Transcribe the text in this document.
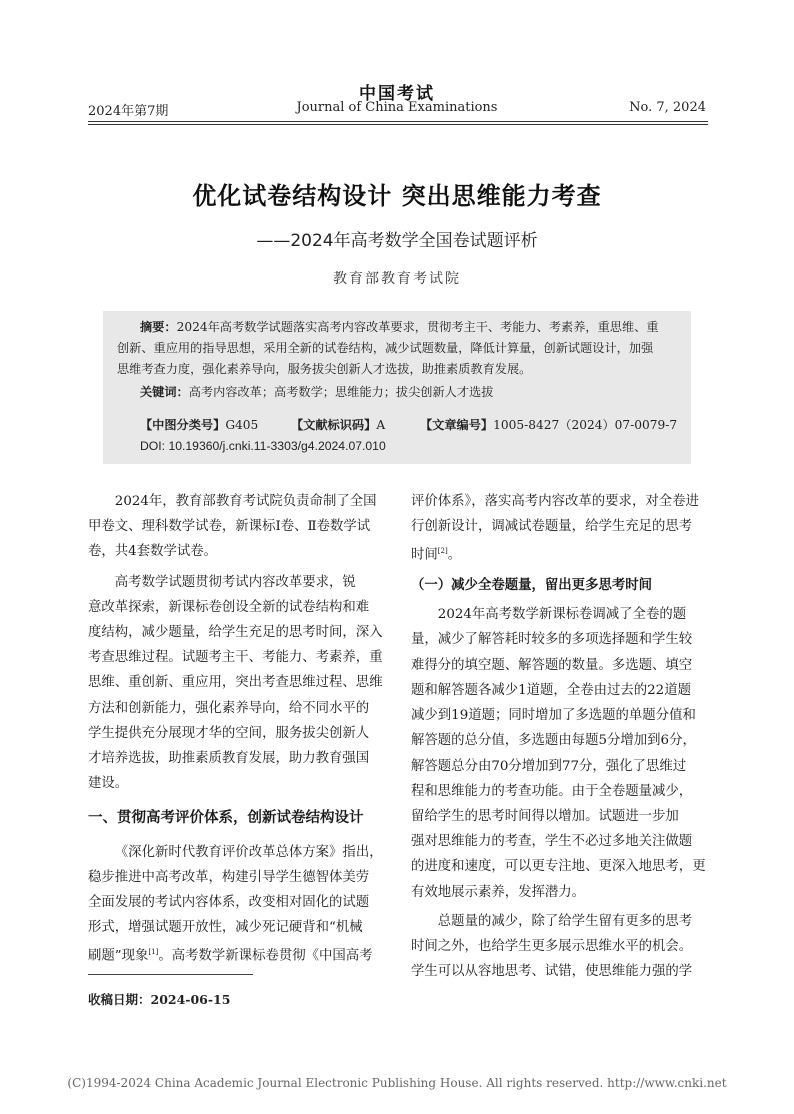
2024年第7期
中国考试
Journal of China Examinations	No. 7, 2024
优化试卷结构设计 突出思维能力考查
——2024年高考数学全国卷试题评析
教育部教育考试院
摘要：2024年高考数学试题落实高考内容改革要求，贯彻考主干、考能力、考素养，重思维、重
创新、重应用的指导思想，采用全新的试卷结构，减少试题数量，降低计算量，创新试题设计，加强
思维考查力度，强化素养导向，服务拔尖创新人才选拔，助推素质教育发展。
关键词：高考内容改革；高考数学；思维能力；拔尖创新人才选拔
【中图分类号】G405	【文献标识码】A	【文章编号】1005-8427（2024）07-0079-7
DOI: 10.19360/j.cnki.11-3303/g4.2024.07.010

2024年，教育部教育考试院负责命制了全国

甲卷文、理科数学试卷，新课标Ⅰ卷、Ⅱ卷数学试

卷，共4套数学试卷。

高考数学试题贯彻考试内容改革要求，锐

意改革探索，新课标卷创设全新的试卷结构和难

度结构，减少题量，给学生充足的思考时间，深入

考查思维过程。试题考主干、考能力、考素养，重

思维、重创新、重应用，突出考查思维过程、思维

方法和创新能力，强化素养导向，给不同水平的

学生提供充分展现才华的空间，服务拔尖创新人

才培养选拔，助推素质教育发展，助力教育强国

建设。

一、贯彻高考评价体系，创新试卷结构设计

《深化新时代教育评价改革总体方案》指出，

稳步推进中高考改革，构建引导学生德智体美劳

全面发展的考试内容体系，改变相对固化的试题

形式，增强试题开放性，减少死记硬背和“机械

刷题”现象[1]。高考数学新课标卷贯彻《中国高考

评价体系》，落实高考内容改革的要求，对全卷进

行创新设计，调减试卷题量，给学生充足的思考

时间[2]。

（一）减少全卷题量，留出更多思考时间

2024年高考数学新课标卷调减了全卷的题

量，减少了解答耗时较多的多项选择题和学生较

难得分的填空题、解答题的数量。多选题、填空

题和解答题各减少1道题，全卷由过去的22道题

减少到19道题；同时增加了多选题的单题分值和

解答题的总分值，多选题由每题5分增加到6分，

解答题总分由70分增加到77分，强化了思维过

程和思维能力的考查功能。由于全卷题量减少，

留给学生的思考时间得以增加。试题进一步加

强对思维能力的考查，学生不必过多地关注做题

的进度和速度，可以更专注地、更深入地思考，更

有效地展示素养，发挥潜力。

总题量的减少，除了给学生留有更多的思考

时间之外，也给学生更多展示思维水平的机会。

学生可以从容地思考、试错，使思维能力强的学

收稿日期：2024-06-15
(C)1994-2024 China Academic Journal Electronic Publishing House. All rights reserved. http://www.cnki.net
